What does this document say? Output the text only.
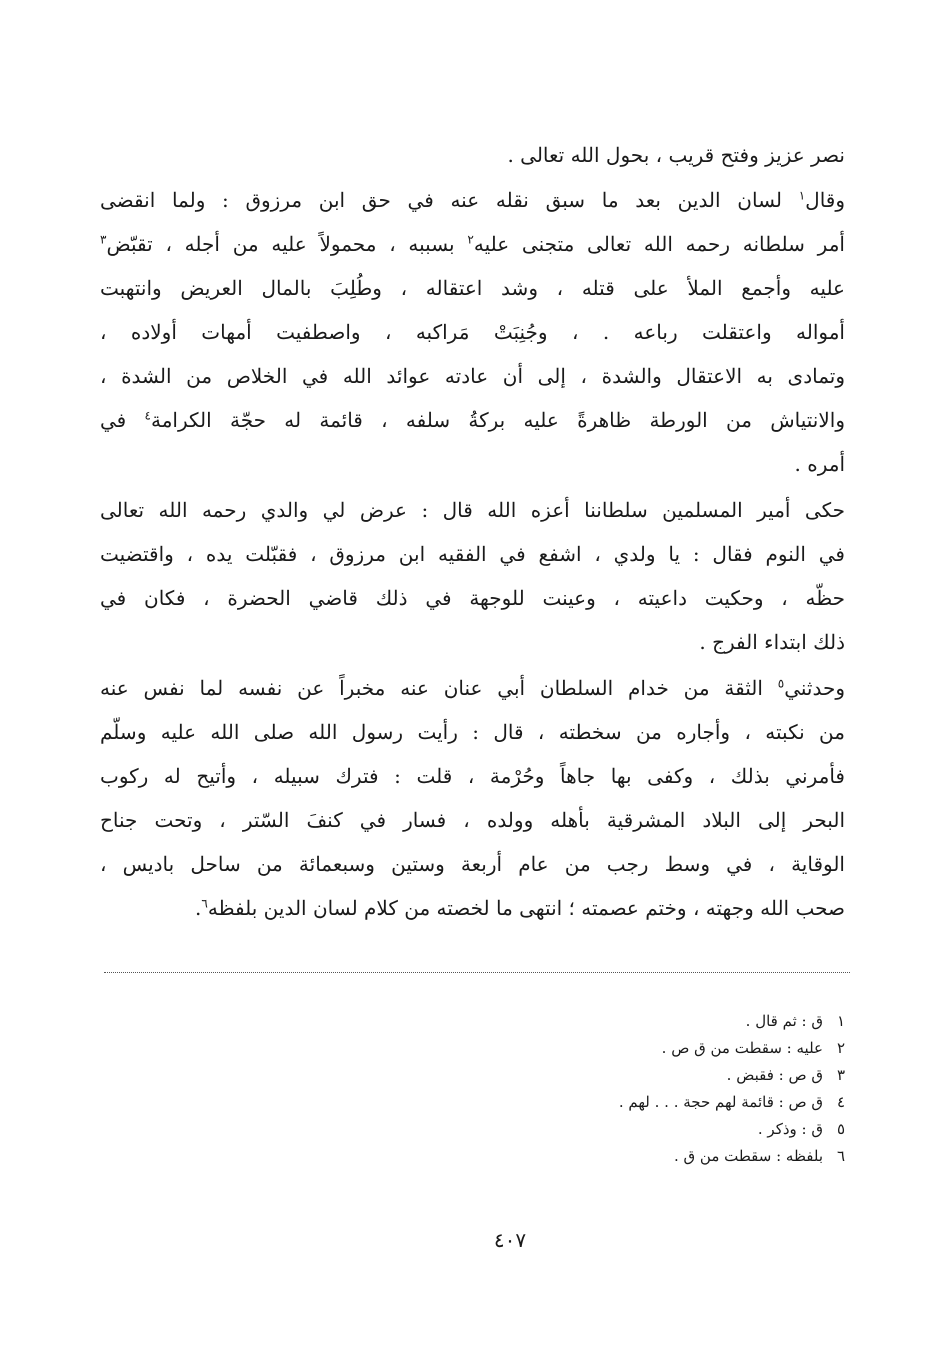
نصر عزيز وفتح قريب ، بحول الله تعالى .
وقال$^١$ لسان الدين بعد ما سبق نقله عنه في حق ابن مرزوق : ولما انقضى
أمر سلطانه رحمه الله تعالى متجنى عليه$^٢$ بسببه ، محمولاً عليه من أجله ، تقبّض$^٣$
عليه وأجمع الملأ على قتله ، وشد اعتقاله ، وطُلِبَ بالمال العريض وانتهبت
أمواله واعتقلت رباعه . ، وجُنِبَتْ مَراكبه ، واصطفيت أمهات أولاده ،
وتمادى به الاعتقال والشدة ، إلى أن عادته عوائد الله في الخلاص من الشدة ،
والانتياش من الورطة ظاهرةً عليه بركةُ سلفه ، قائمة له حجّة الكرامة$^٤$ في
أمره .
حكى أمير المسلمين سلطاننا أعزه الله قال : عرض لي والدي رحمه الله تعالى
في النوم فقال : يا ولدي ، اشفع في الفقيه ابن مرزوق ، فقبّلت يده ، واقتضيت
حظّه ، وحكيت داعيته ، وعينت للوجهة في ذلك قاضي الحضرة ، فكان في
ذلك ابتداء الفرج .
وحدثني$^٥$ الثقة من خدام السلطان أبي عنان عنه مخبراً عن نفسه لما نفس عنه
من نكبته ، وأجاره من سخطته ، قال : رأيت رسول الله صلى الله عليه وسلّم
فأمرني بذلك ، وكفى بها جاهاً وحُرْمة ، قلت : فترك سبيله ، وأتيح له ركوب
البحر إلى البلاد المشرقية بأهله وولده ، فسار في كنفَ السّتر ، وتحت جناح
الوقاية ، في وسط رجب من عام أربعة وستين وسبعمائة من ساحل باديس ،
صحب الله وجهته ، وختم عصمته ؛ انتهى ما لخصته من كلام لسان الدين بلفظه$^٦$.
١ق : ثم قال .
٢عليه : سقطت من ق ص .
٣ق ص : فقبض .
٤ق ص : قائمة لهم حجة . . . لهم .
٥ق : وذكر .
٦بلفظه : سقطت من ق .
٤٠٧
